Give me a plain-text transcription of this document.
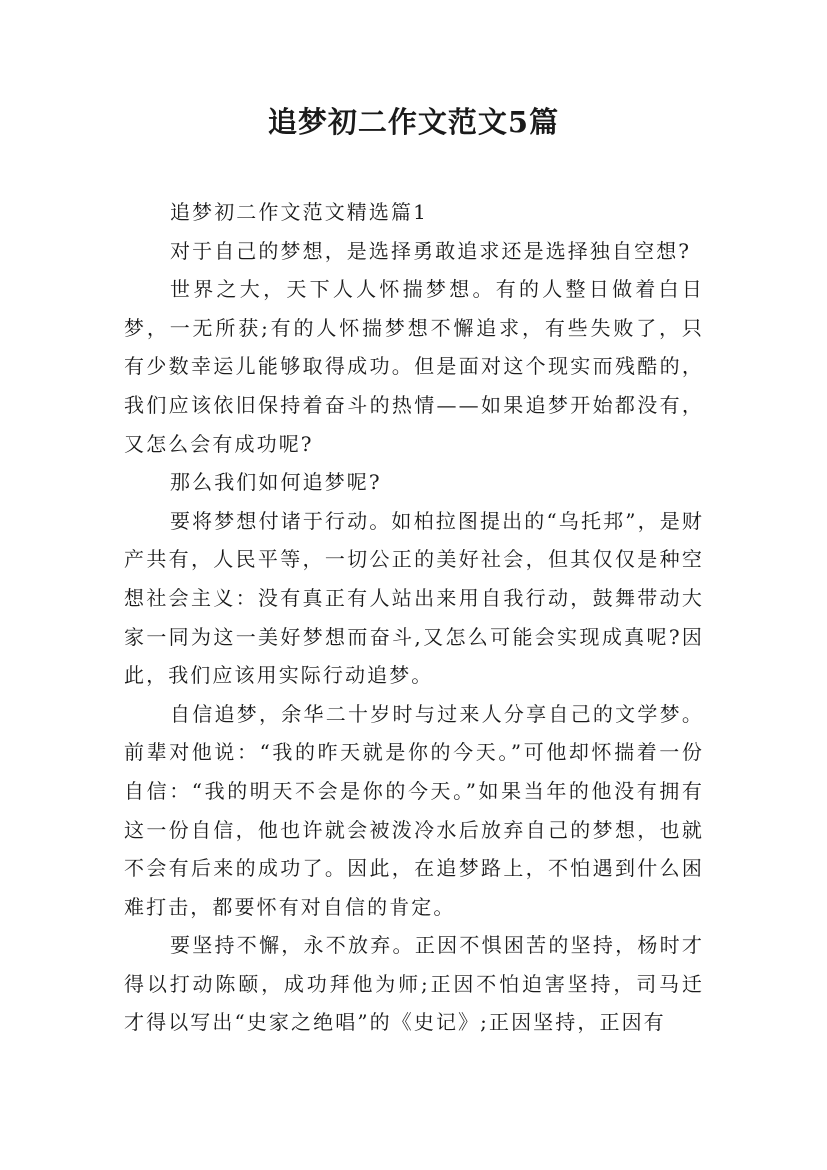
追梦初二作文范文5篇

追梦初二作文范文精选篇1

对于自己的梦想，是选择勇敢追求还是选择独自空想?

世界之大，天下人人怀揣梦想。有的人整日做着白日梦，一无所获;有的人怀揣梦想不懈追求，有些失败了，只有少数幸运儿能够取得成功。但是面对这个现实而残酷的，我们应该依旧保持着奋斗的热情——如果追梦开始都没有，又怎么会有成功呢?

那么我们如何追梦呢?

要将梦想付诸于行动。如柏拉图提出的“乌托邦”，是财产共有，人民平等，一切公正的美好社会，但其仅仅是种空想社会主义：没有真正有人站出来用自我行动，鼓舞带动大家一同为这一美好梦想而奋斗,又怎么可能会实现成真呢?因此，我们应该用实际行动追梦。

自信追梦，余华二十岁时与过来人分享自己的文学梦。前辈对他说：“我的昨天就是你的今天。”可他却怀揣着一份自信：“我的明天不会是你的今天。”如果当年的他没有拥有这一份自信，他也许就会被泼冷水后放弃自己的梦想，也就不会有后来的成功了。因此，在追梦路上，不怕遇到什么困难打击，都要怀有对自信的肯定。

要坚持不懈，永不放弃。正因不惧困苦的坚持，杨时才得以打动陈颐，成功拜他为师;正因不怕迫害坚持，司马迁才得以写出“史家之绝唱”的《史记》;正因坚持，正因有
